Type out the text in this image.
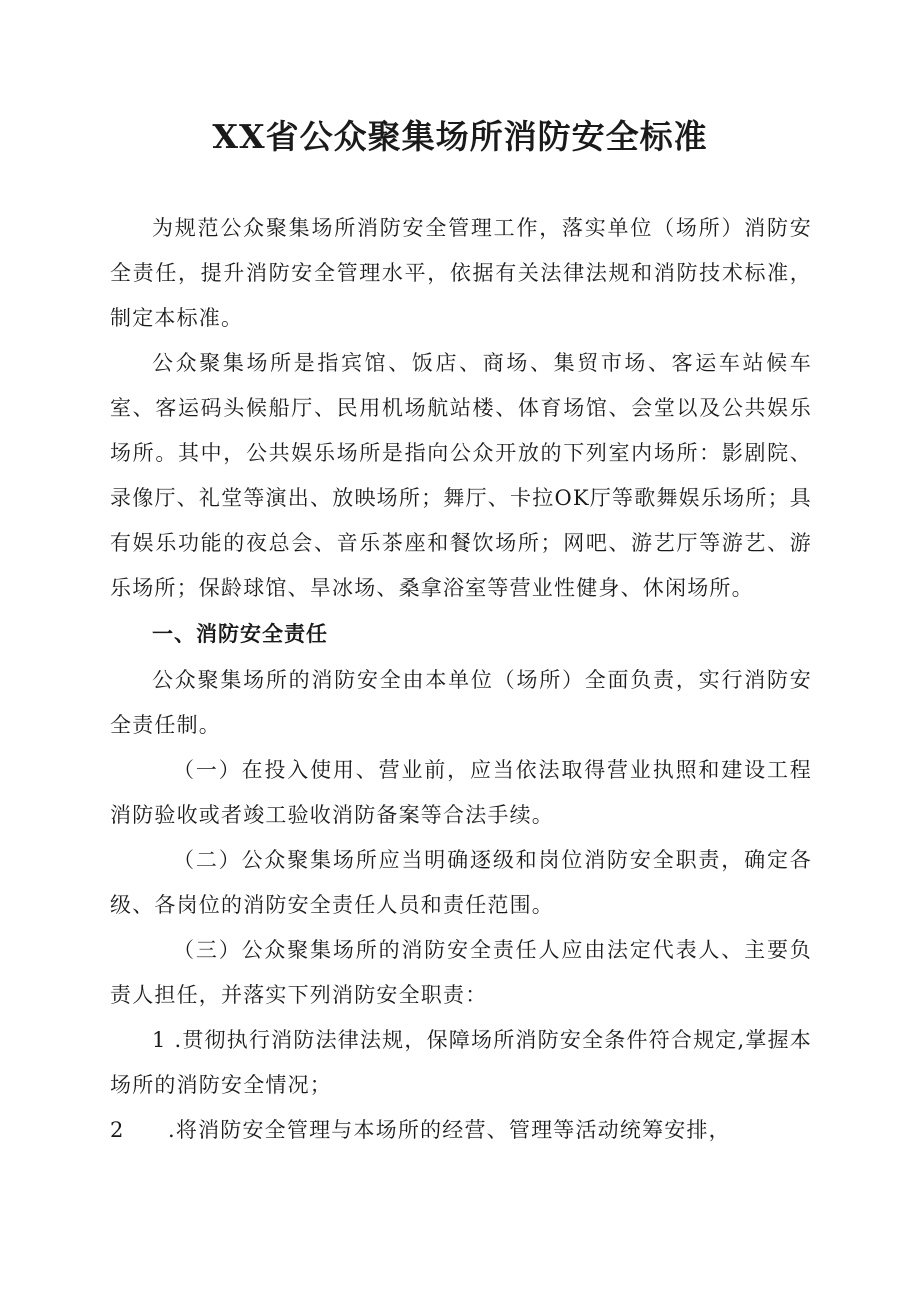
XX省公众聚集场所消防安全标准

为规范公众聚集场所消防安全管理工作，落实单位（场所）消防安全责任，提升消防安全管理水平，依据有关法律法规和消防技术标准，制定本标准。

公众聚集场所是指宾馆、饭店、商场、集贸市场、客运车站候车室、客运码头候船厅、民用机场航站楼、体育场馆、会堂以及公共娱乐场所。其中，公共娱乐场所是指向公众开放的下列室内场所：影剧院、录像厅、礼堂等演出、放映场所；舞厅、卡拉OK厅等歌舞娱乐场所；具有娱乐功能的夜总会、音乐茶座和餐饮场所；网吧、游艺厅等游艺、游乐场所；保龄球馆、旱冰场、桑拿浴室等营业性健身、休闲场所。

一、消防安全责任

公众聚集场所的消防安全由本单位（场所）全面负责，实行消防安全责任制。

（一）在投入使用、营业前，应当依法取得营业执照和建设工程消防验收或者竣工验收消防备案等合法手续。

（二）公众聚集场所应当明确逐级和岗位消防安全职责，确定各级、各岗位的消防安全责任人员和责任范围。

（三）公众聚集场所的消防安全责任人应由法定代表人、主要负责人担任，并落实下列消防安全职责：

1 .贯彻执行消防法律法规，保障场所消防安全条件符合规定,掌握本场所的消防安全情况；

2	.将消防安全管理与本场所的经营、管理等活动统筹安排，
